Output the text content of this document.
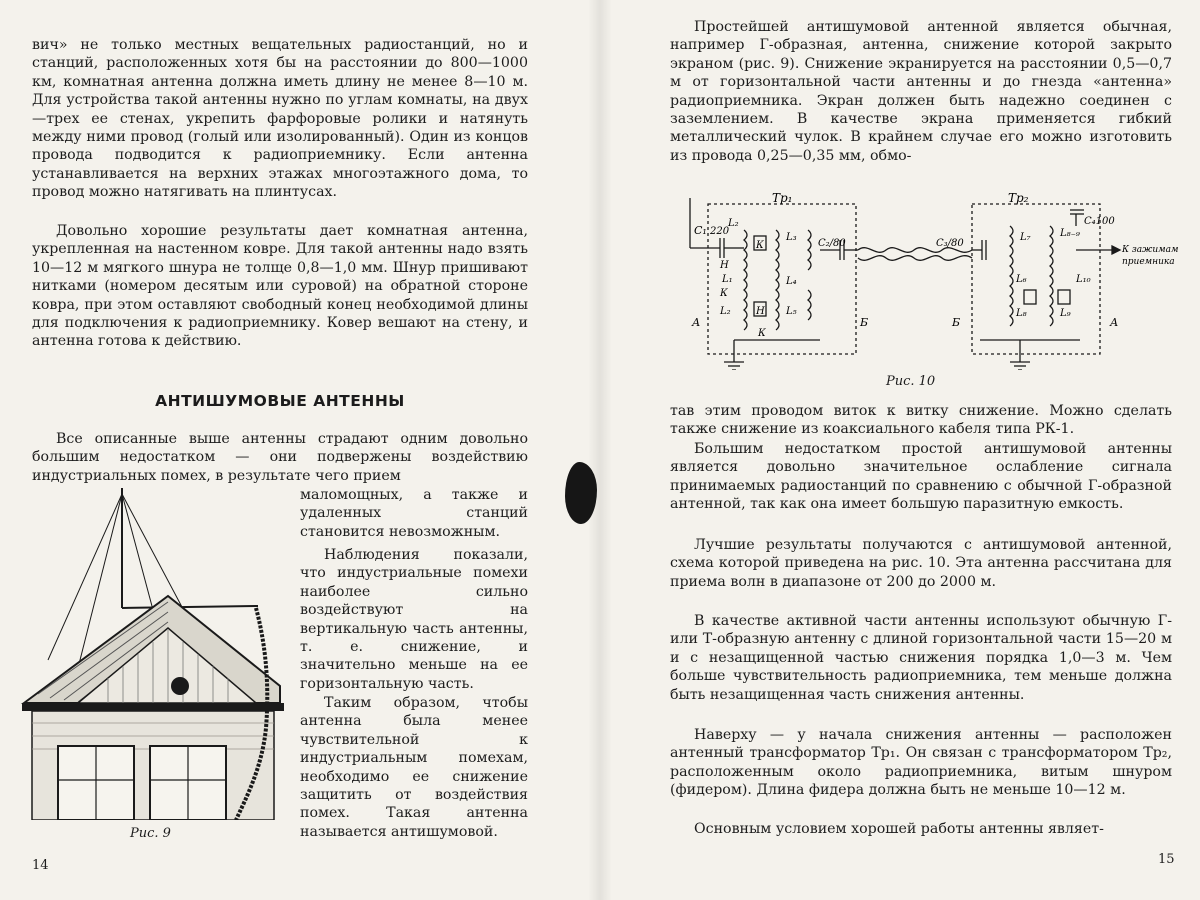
вич» не только местных вещательных радиостанций, но и станций, расположенных хотя бы на расстоянии до 800—1000 км, комнатная антенна должна иметь длину не менее 8—10 м. Для устройства такой антенны нужно по углам комнаты, на двух—трех ее стенах, укрепить фарфоровые ролики и натянуть между ними провод (голый или изолированный). Один из концов провода подводится к радиоприемнику. Если антенна устанавливается на верхних этажах многоэтажного дома, то провод можно натягивать на плинтусах.

Довольно хорошие результаты дает комнатная антенна, укрепленная на настенном ковре. Для такой антенны надо взять 10—12 м мягкого шнура не толще 0,8—1,0 мм. Шнур пришивают нитками (номером десятым или суровой) на обратной стороне ковра, при этом оставляют свободный конец необходимой длины для подключения к радиоприемнику. Ковер вешают на стену, и антенна готова к действию.

АНТИШУМОВЫЕ АНТЕННЫ

Все описанные выше антенны страдают одним довольно большим недостатком — они подвержены воздействию индустриальных помех, в результате чего прием

маломощных, а также и удаленных станций становится невозможным.

Наблюдения показали, что индустриальные помехи наиболее сильно воздействуют на вертикальную часть антенны, т. е. снижение, и значительно меньше на ее горизонтальную часть.

Таким образом, чтобы антенна была менее чувствительной к индустриальным помехам, необходимо ее снижение защитить от воздействия помех. Такая антенна называется антишумовой.

Рис. 9

14

Простейшей антишумовой антенной является обычная, например Г-образная, антенна, снижение которой закрыто экраном (рис. 9). Снижение экранируется на расстоянии 0,5—0,7 м от горизонтальной части антенны и до гнезда «антенна» радиоприемника. Экран должен быть надежно соединен с заземлением. В качестве экрана применяется гибкий металлический чулок. В крайнем случае его можно изготовить из провода 0,25—0,35 мм, обмо-

Tp₁	Tp₂
C₁ 220
L₂
К
L₃
C₂/80
Н
L₁	L₄
К
L₂	Н L₅
К
А	Б
C₃/80
L₇	L₈₋₉
C₄100
К зажимам
приемника
L₆	L₁₀
L₈	L₉
Б	А

Рис. 10

тав этим проводом виток к витку снижение. Можно сделать также снижение из коаксиального кабеля типа РК-1.

Большим недостатком простой антишумовой антенны является довольно значительное ослабление сигнала принимаемых радиостанций по сравнению с обычной Г-образной антенной, так как она имеет большую паразитную емкость.

Лучшие результаты получаются с антишумовой антенной, схема которой приведена на рис. 10. Эта антенна рассчитана для приема волн в диапазоне от 200 до 2000 м.

В качестве активной части антенны используют обычную Г- или Т-образную антенну с длиной горизонтальной части 15—20 м и с незащищенной частью снижения порядка 1,0—3 м. Чем больше чувствительность радиоприемника, тем меньше должна быть незащищенная часть снижения антенны.

Наверху — у начала снижения антенны — расположен антенный трансформатор Tp₁. Он связан с трансформатором Tp₂, расположенным около радиоприемника, витым шнуром (фидером). Длина фидера должна быть не меньше 10—12 м.

Основным условием хорошей работы антенны являет-

15
